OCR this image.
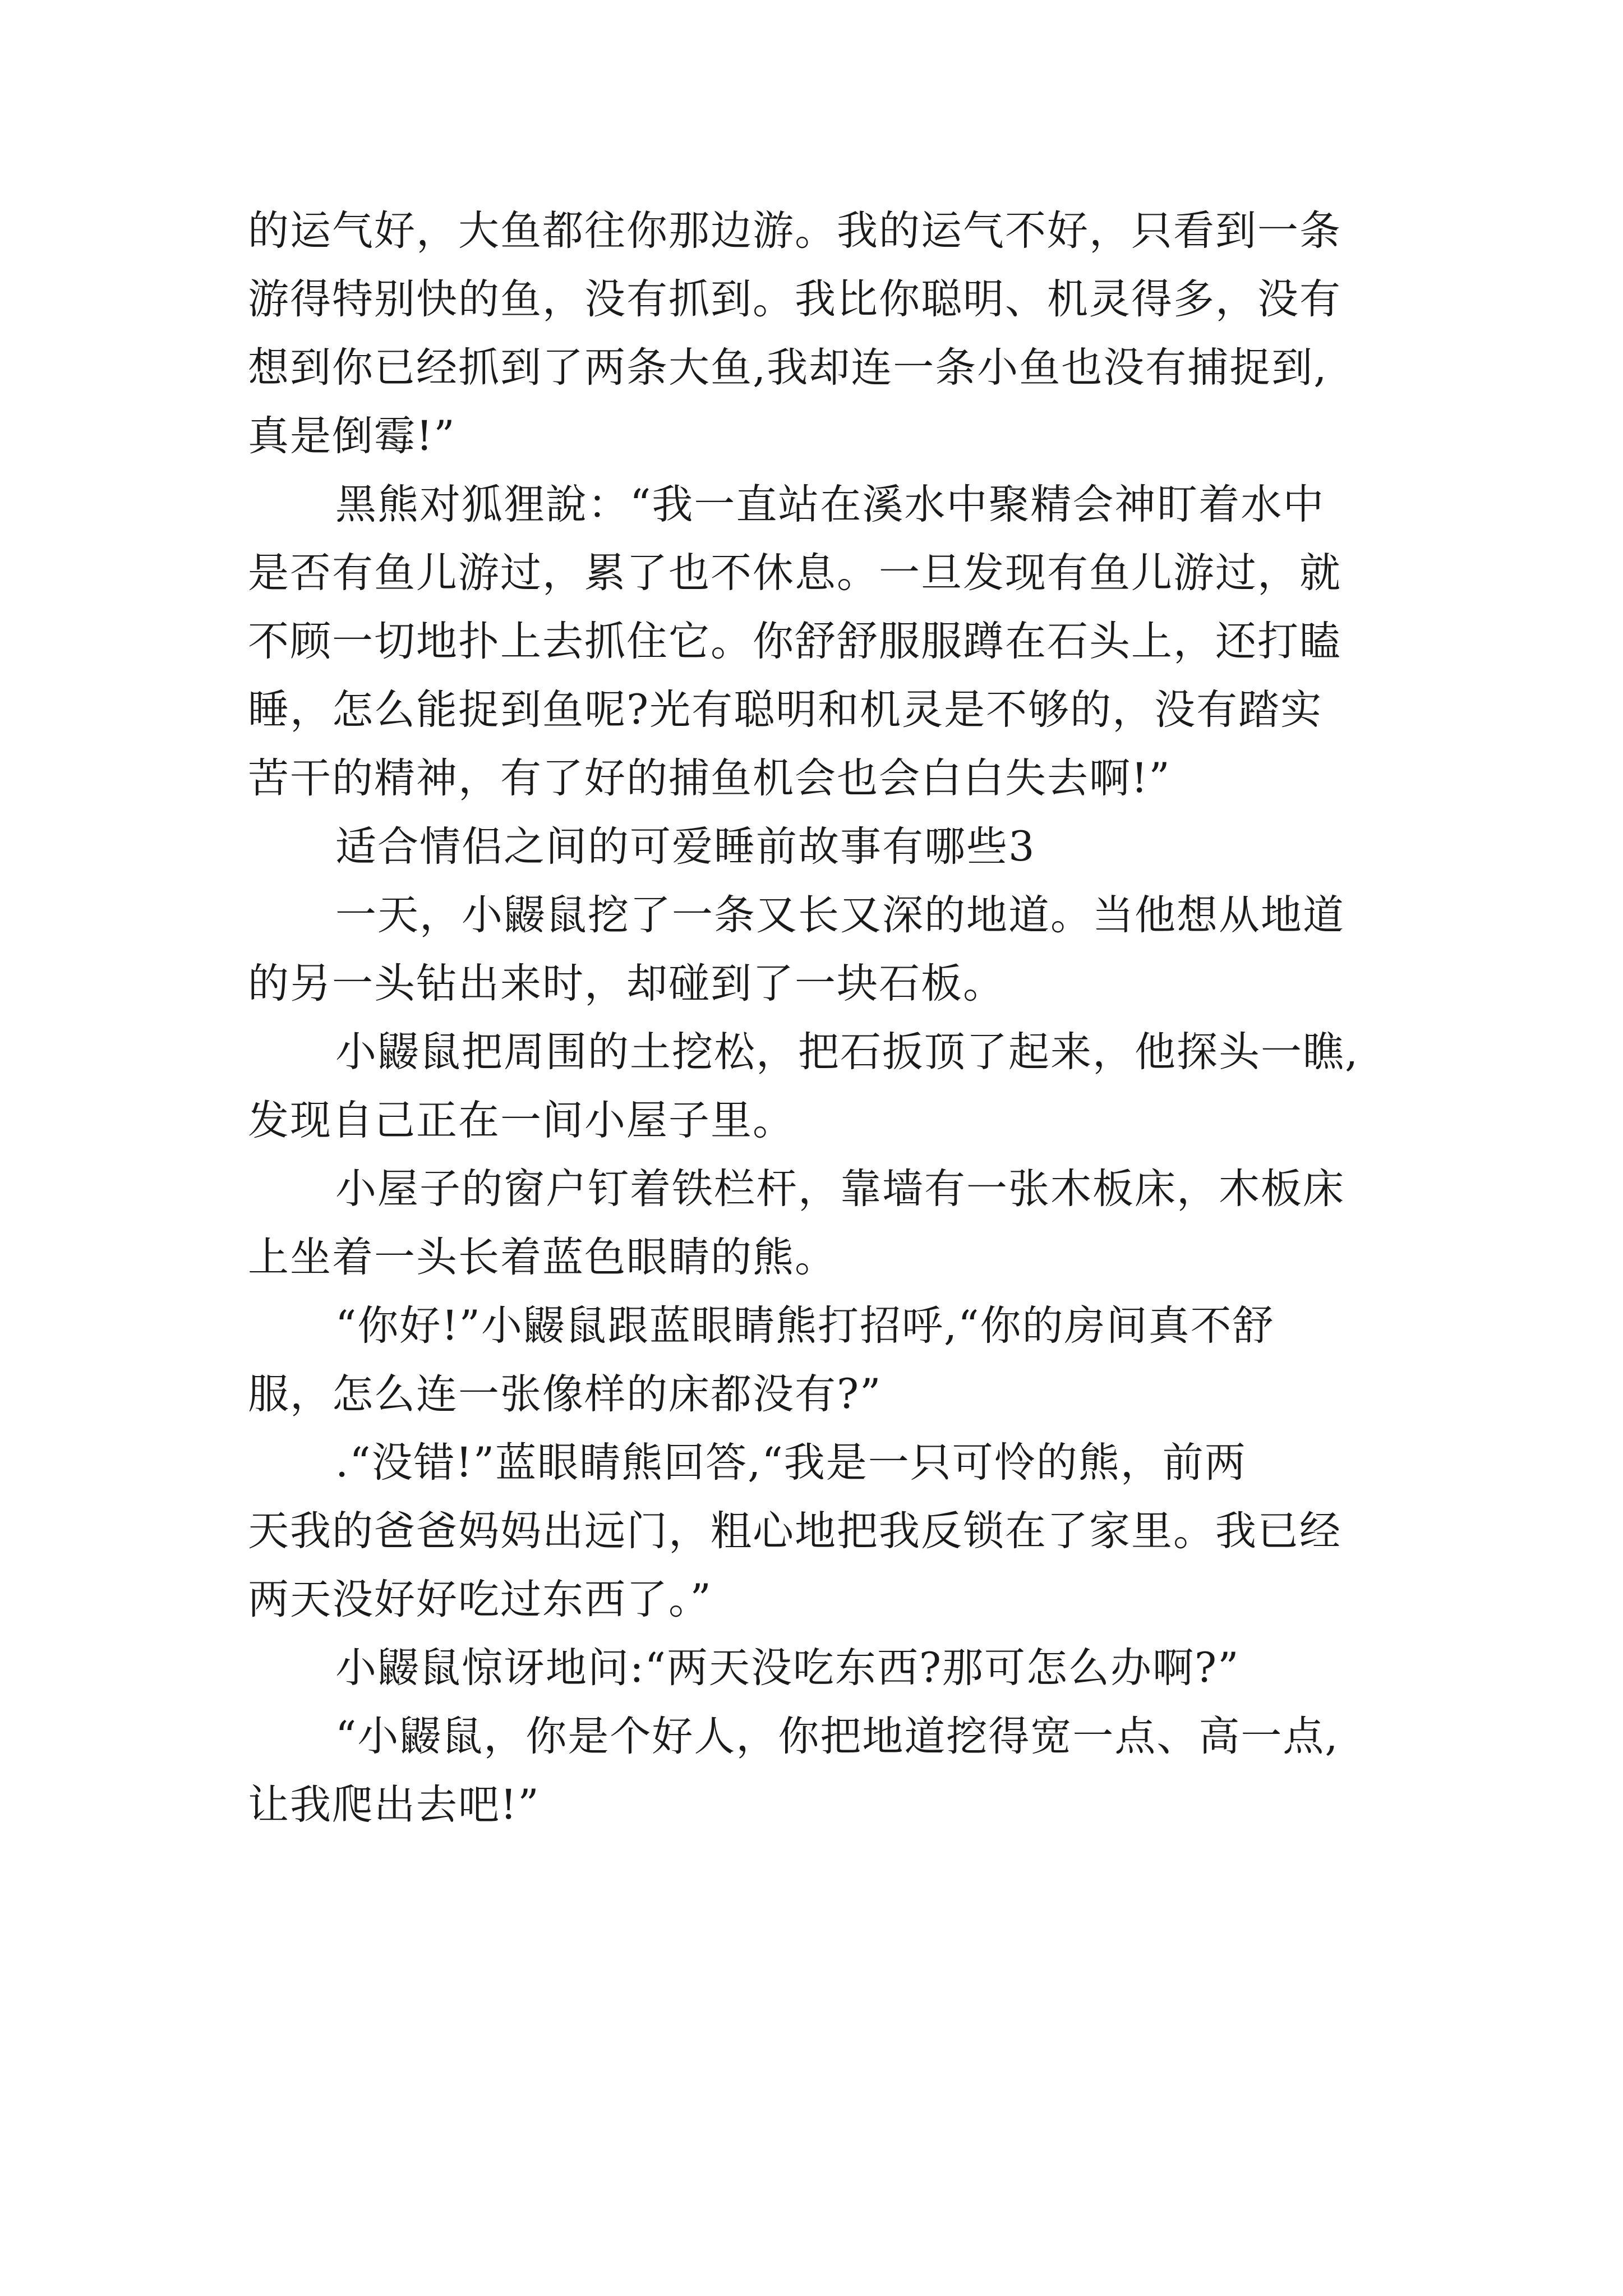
的运气好，大鱼都往你那边游。我的运气不好，只看到一条
游得特别快的鱼，没有抓到。我比你聪明、机灵得多，没有
想到你已经抓到了两条大鱼,我却连一条小鱼也没有捕捉到,
真是倒霉!”
黑熊对狐狸說：“我一直站在溪水中聚精会神盯着水中
是否有鱼儿游过，累了也不休息。一旦发现有鱼儿游过，就
不顾一切地扑上去抓住它。你舒舒服服蹲在石头上，还打瞌
睡，怎么能捉到鱼呢?光有聪明和机灵是不够的，没有踏实
苦干的精神，有了好的捕鱼机会也会白白失去啊!”
适合情侣之间的可爱睡前故事有哪些3
一天，小鼹鼠挖了一条又长又深的地道。当他想从地道
的另一头钻出来时，却碰到了一块石板。
小鼹鼠把周围的土挖松，把石扳顶了起来，他探头一瞧,
发现自己正在一间小屋子里。
小屋子的窗户钉着铁栏杆，靠墙有一张木板床，木板床
上坐着一头长着蓝色眼睛的熊。
“你好!”小鼹鼠跟蓝眼睛熊打招呼,“你的房间真不舒
服，怎么连一张像样的床都没有?”
.“没错!”蓝眼睛熊回答,“我是一只可怜的熊，前两
天我的爸爸妈妈出远门，粗心地把我反锁在了家里。我已经
两天没好好吃过东西了。”
小鼹鼠惊讶地问:“两天没吃东西?那可怎么办啊?”
“小鼹鼠，你是个好人，你把地道挖得宽一点、高一点,
让我爬出去吧!”
